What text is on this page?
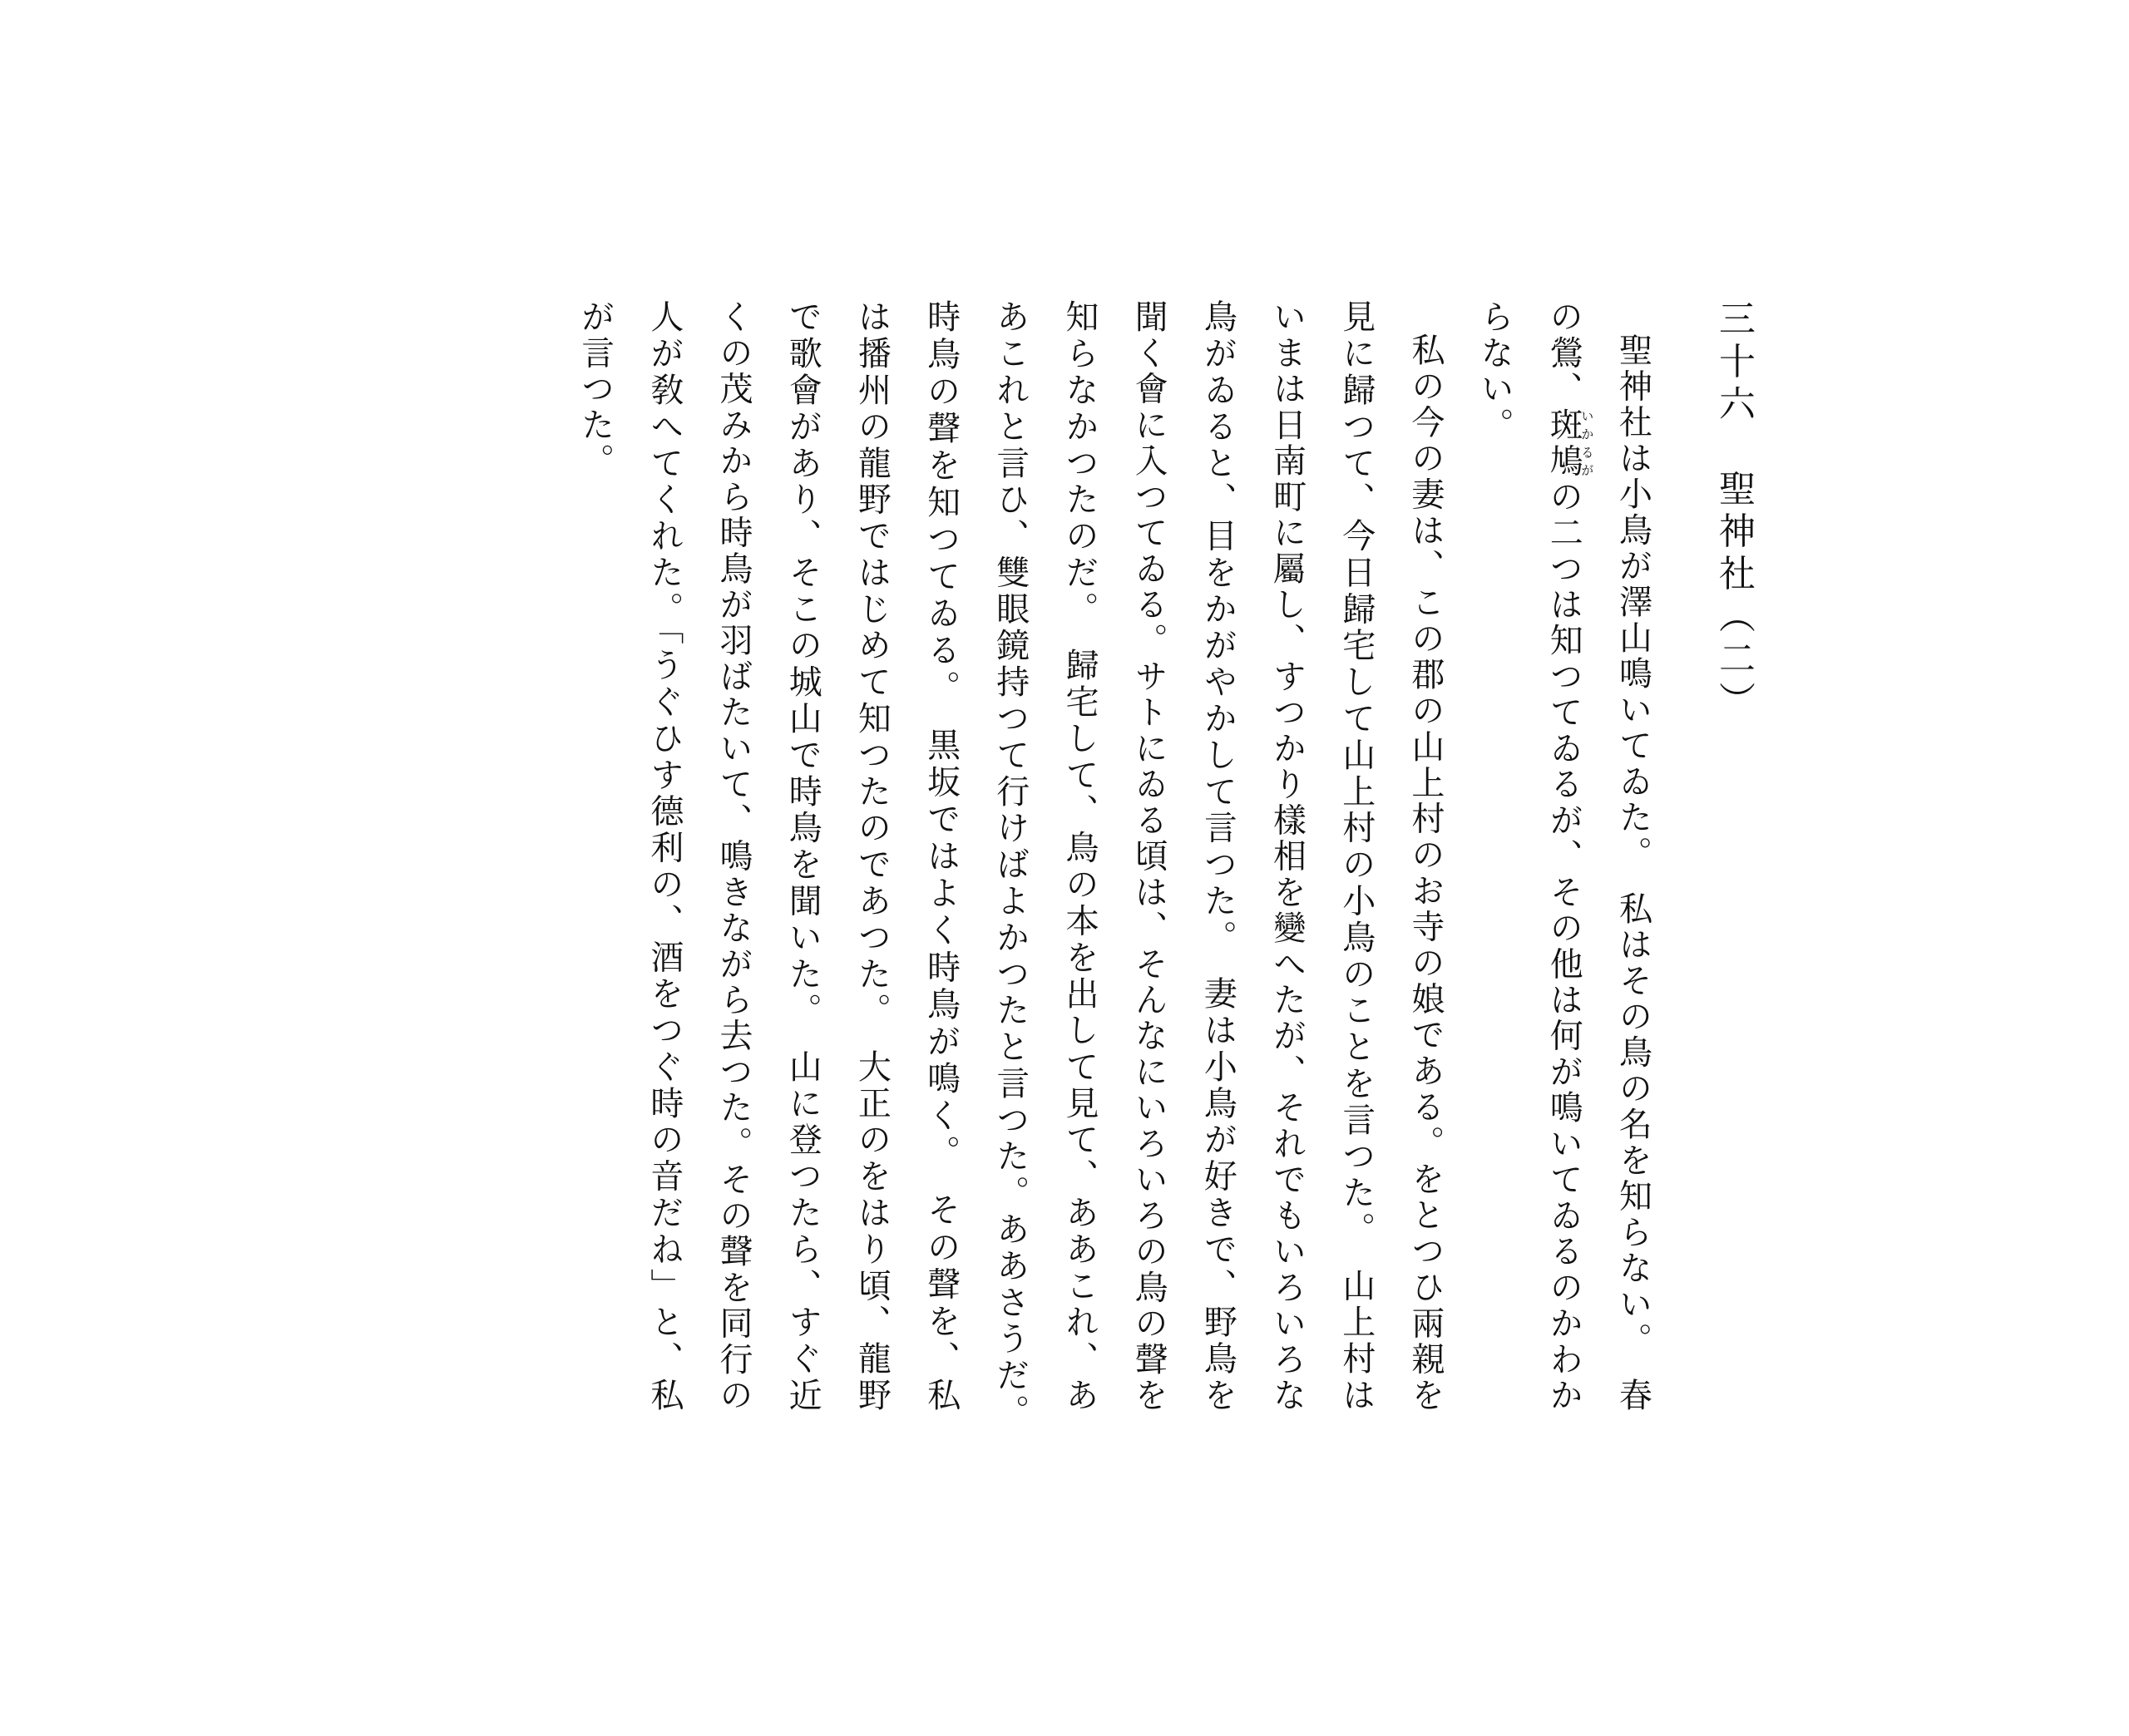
三十六　聖神社（二）

聖神社は小鳥が澤山鳴いてゐた。　私はその鳥の名を知らない。　春の鶯、斑鳩いかるがの二つは知つてゐるが、その他は何が鳴いてゐるのかわからない。

私の今の妻は、この郡の山上村のお寺の娘である。をとつひ兩親を見に歸つて、今日歸宅して山上村の小鳥のことを言つた。　山上村はいまは日南町に屬し、すつかり樣相を變へたが、それでもいろいろな鳥がゐると、目をかがやかして言つた。　妻は小鳥が好きで、野鳥を聞く會に入つてゐる。サトにゐる頃は、そんなにいろいろの鳥の聲を知らなかつたのだ。　歸宅して、鳥の本を出して見て、ああこれ、ああこれと言ひ、雙眼鏡持つて行けばよかつたと言つた。ああさうだ。　時鳥の聲を知つてゐる。　黒坂ではよく時鳥が鳴く。　その聲を、私は播州の龍野ではじめて知つたのであつた。　大正のをはり頃、龍野で歌會があり、そこの城山で時鳥を聞いた。　山に登つたら、すぐ近くの茂みから時鳥が羽ばたいて、鳴きながら去つた。その聲を同行の人が敎へてくれた。「うぐひす德利の、酒をつぐ時の音だね」と、私が言つた。
